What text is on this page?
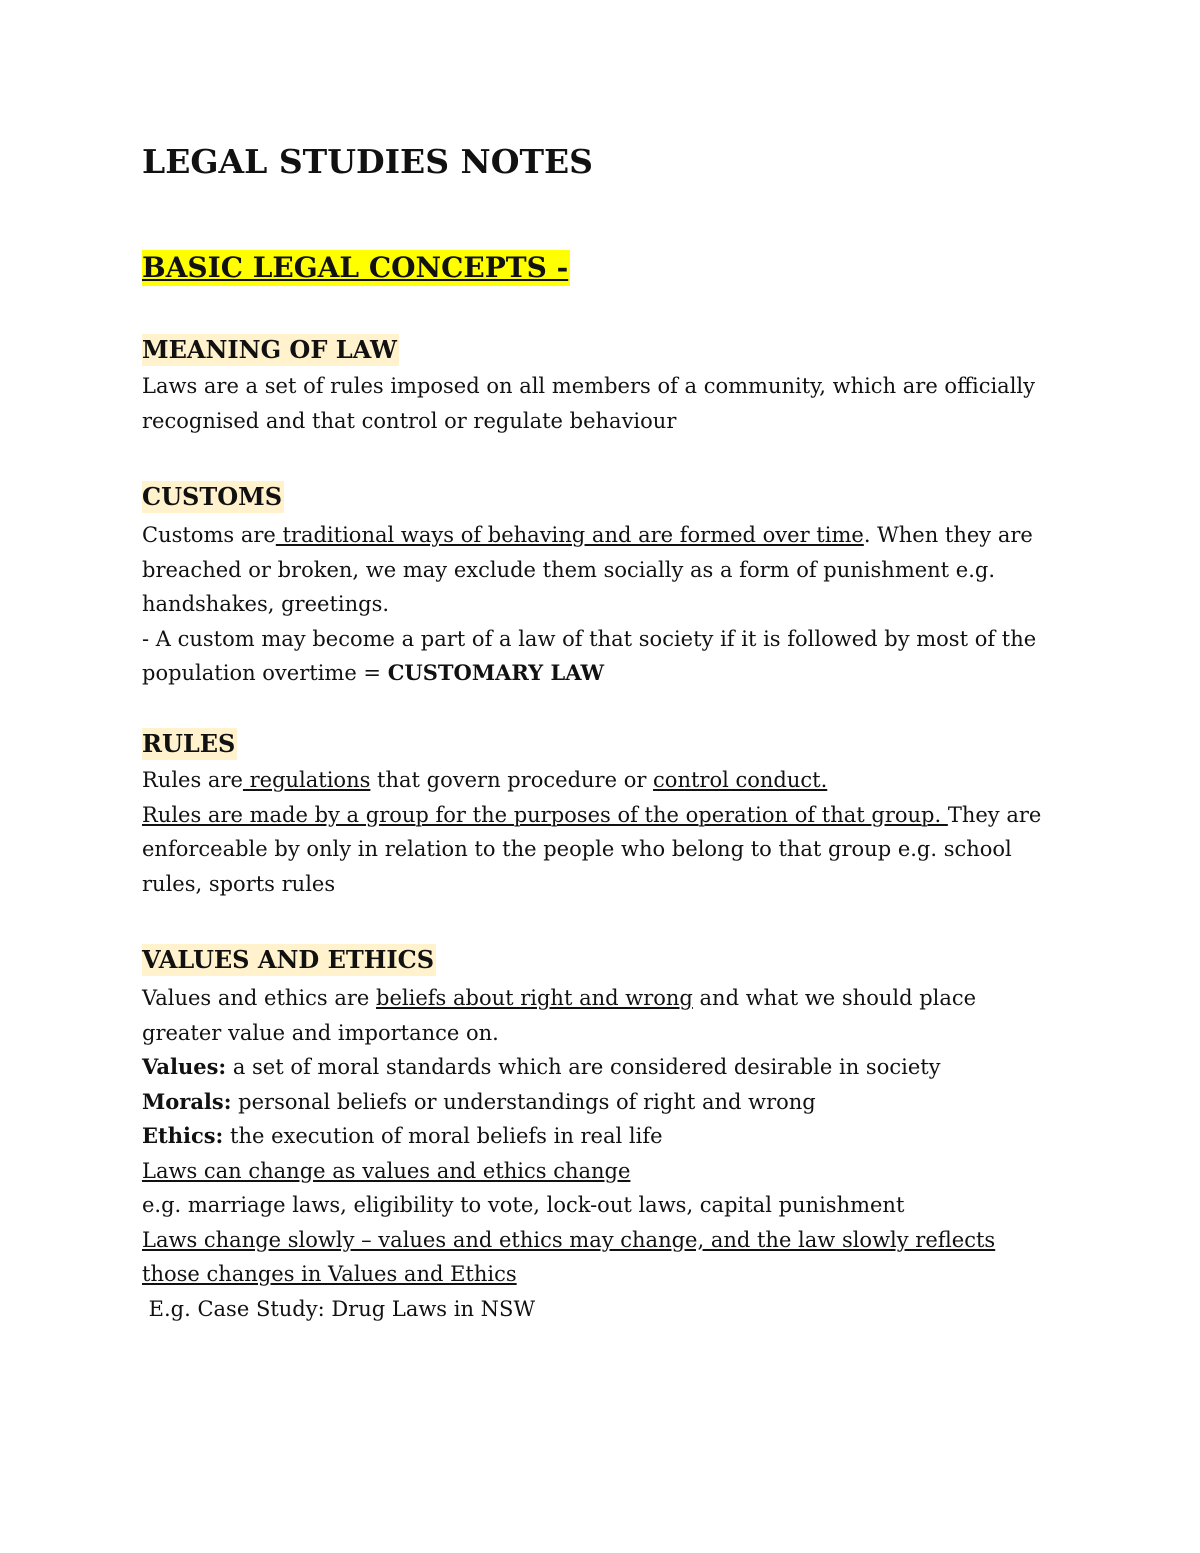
LEGAL STUDIES NOTES
BASIC LEGAL CONCEPTS -
MEANING OF LAW
Laws are a set of rules imposed on all members of a community, which are officially
recognised and that control or regulate behaviour
CUSTOMS
Customs are traditional ways of behaving and are formed over time. When they are
breached or broken, we may exclude them socially as a form of punishment e.g.
handshakes, greetings.
- A custom may become a part of a law of that society if it is followed by most of the
population overtime = CUSTOMARY LAW
RULES
Rules are regulations that govern procedure or control conduct.
Rules are made by a group for the purposes of the operation of that group. They are
enforceable by only in relation to the people who belong to that group e.g. school
rules, sports rules
VALUES AND ETHICS
Values and ethics are beliefs about right and wrong and what we should place
greater value and importance on.
Values: a set of moral standards which are considered desirable in society
Morals: personal beliefs or understandings of right and wrong
Ethics: the execution of moral beliefs in real life
Laws can change as values and ethics change
e.g. marriage laws, eligibility to vote, lock-out laws, capital punishment
Laws change slowly – values and ethics may change, and the law slowly reflects
those changes in Values and Ethics
E.g. Case Study: Drug Laws in NSW
